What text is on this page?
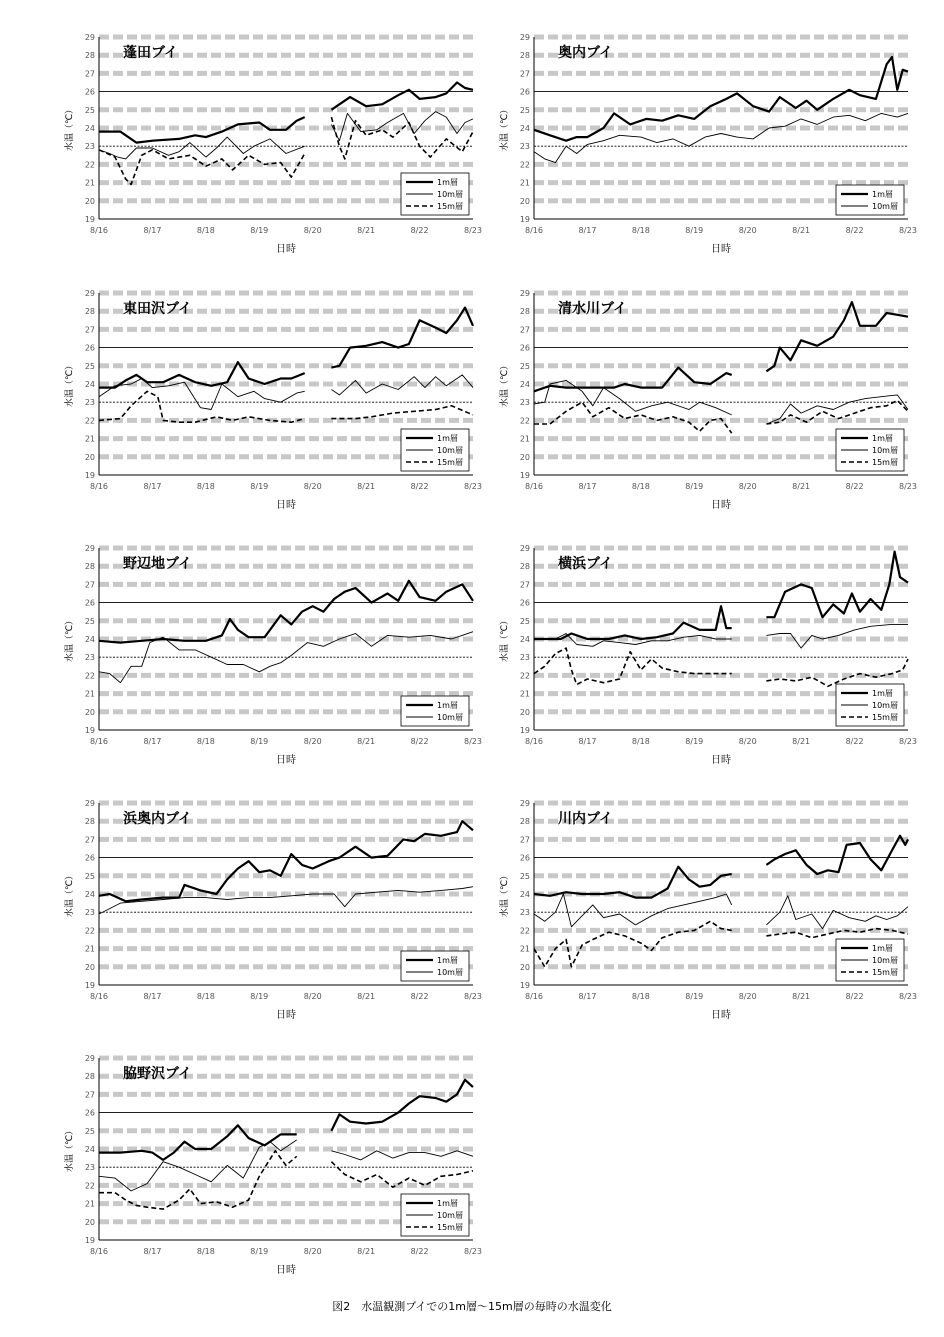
19
20
21
22
23
24
25
26
27
28
29
8/16	8/17	8/18	8/19	8/20	8/21	8/22	8/23
日時
水温（℃）
蓬田ブイ
1m層
10m層
15m層
19
20
21
22
23
24
25
26
27
28
29
8/16	8/17	8/18	8/19	8/20	8/21	8/22	8/23
日時
水温（℃）
奥内ブイ
1m層
10m層
19
20
21
22
23
24
25
26
27
28
29
8/16	8/17	8/18	8/19	8/20	8/21	8/22	8/23
日時
水温（℃）
東田沢ブイ
1m層
10m層
15m層
19
20
21
22
23
24
25
26
27
28
29
8/16	8/17	8/18	8/19	8/20	8/21	8/22	8/23
日時
水温（℃）
清水川ブイ
1m層
10m層
15m層
19
20
21
22
23
24
25
26
27
28
29
8/16	8/17	8/18	8/19	8/20	8/21	8/22	8/23
日時
水温（℃）
野辺地ブイ
1m層
10m層
19
20
21
22
23
24
25
26
27
28
29
8/16	8/17	8/18	8/19	8/20	8/21	8/22	8/23
日時
水温（℃）
横浜ブイ
1m層
10m層
15m層
19
20
21
22
23
24
25
26
27
28
29
8/16	8/17	8/18	8/19	8/20	8/21	8/22	8/23
日時
水温（℃）
浜奥内ブイ
1m層
10m層
19
20
21
22
23
24
25
26
27
28
29
8/16	8/17	8/18	8/19	8/20	8/21	8/22	8/23
日時
水温（℃）
川内ブイ
1m層
10m層
15m層
19
20
21
22
23
24
25
26
27
28
29
8/16	8/17	8/18	8/19	8/20	8/21	8/22	8/23
日時
水温（℃）
脇野沢ブイ
1m層
10m層
15m層
図2　水温観測ブイでの1m層～15m層の毎時の水温変化
